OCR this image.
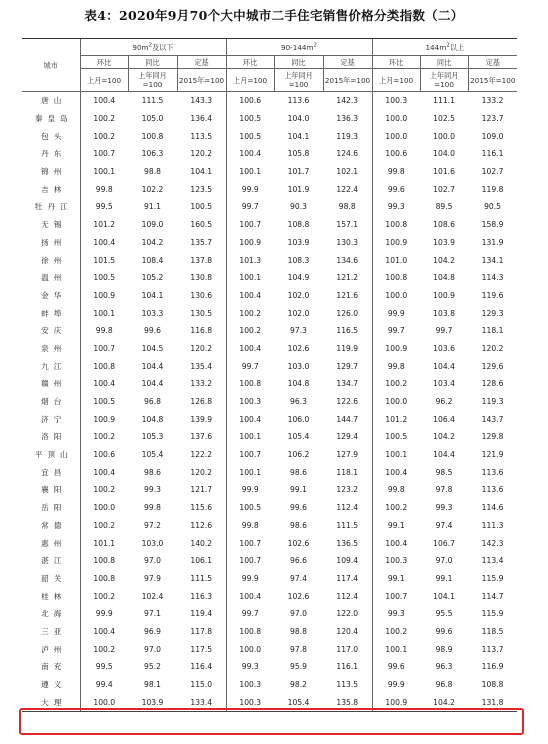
表4：2020年9月70个大中城市二手住宅销售价格分类指数（二）
城市	$90m^2$及以下			$90-144m^2$			$144m^2$以上		
	环比	同比	定基	环比	同比	定基	环比	同比	定基
	上月=100	上年同月=100	2015年=100	上月=100	上年同月=100	2015年=100	上月=100	上年同月=100	2015年=100
唐山	100.4	111.5	143.3	100.6	113.6	142.3	100.3	111.1	133.2
秦皇岛	100.2	105.0	136.4	100.5	104.0	136.3	100.0	102.5	123.7
包头	100.2	100.8	113.5	100.5	104.1	119.3	100.0	100.0	109.0
丹东	100.7	106.3	120.2	100.4	105.8	124.6	100.6	104.0	116.1
锦州	100.1	98.8	104.1	100.1	101.7	102.1	99.8	101.6	102.7
吉林	99.8	102.2	123.5	99.9	101.9	122.4	99.6	102.7	119.8
牡丹江	99.5	91.1	100.5	99.7	90.3	98.8	99.3	89.5	90.5
无锡	101.2	109.0	160.5	100.7	108.8	157.1	100.8	108.6	158.9
扬州	100.4	104.2	135.7	100.9	103.9	130.3	100.9	103.9	131.9
徐州	101.5	108.4	137.8	101.3	108.3	134.6	101.0	104.2	134.1
温州	100.5	105.2	130.8	100.1	104.9	121.2	100.8	104.8	114.3
金华	100.9	104.1	130.6	100.4	102.0	121.6	100.0	100.9	119.6
蚌埠	100.1	103.3	130.5	100.2	102.0	126.0	99.9	103.8	129.3
安庆	99.8	99.6	116.8	100.2	97.3	116.5	99.7	99.7	118.1
泉州	100.7	104.5	120.2	100.4	102.6	119.9	100.9	103.6	120.2
九江	100.8	104.4	135.4	99.7	103.0	129.7	99.8	104.4	129.6
赣州	100.4	104.4	133.2	100.8	104.8	134.7	100.2	103.4	128.6
烟台	100.5	96.8	126.8	100.3	96.3	122.6	100.0	96.2	119.3
济宁	100.9	104.8	139.9	100.4	106.0	144.7	101.2	106.4	143.7
洛阳	100.2	105.3	137.6	100.1	105.4	129.4	100.5	104.2	129.8
平顶山	100.6	105.4	122.2	100.7	106.2	127.9	100.1	104.4	121.9
宜昌	100.4	98.6	120.2	100.1	98.6	118.1	100.4	98.5	113.6
襄阳	100.2	99.3	121.7	99.9	99.1	123.2	99.8	97.8	113.6
岳阳	100.0	99.8	115.6	100.5	99.6	112.4	100.2	99.3	114.6
常德	100.2	97.2	112.6	99.8	98.6	111.5	99.1	97.4	111.3
惠州	101.1	103.0	140.2	100.7	102.6	136.5	100.4	106.7	142.3
湛江	100.8	97.0	106.1	100.7	96.6	109.4	100.3	97.0	113.4
韶关	100.8	97.9	111.5	99.9	97.4	117.4	99.1	99.1	115.9
桂林	100.2	102.4	116.3	100.4	102.6	112.4	100.7	104.1	114.7
北海	99.9	97.1	119.4	99.7	97.0	122.0	99.3	95.5	115.9
三亚	100.4	96.9	117.8	100.8	98.8	120.4	100.2	99.6	118.5
泸州	100.2	97.0	117.5	100.0	97.8	117.0	100.1	98.9	113.7
南充	99.5	95.2	116.4	99.3	95.9	116.1	99.6	96.3	116.9
遵义	99.4	98.1	115.0	100.3	98.2	113.5	99.9	96.8	108.8
大理	100.0	103.9	133.4	100.3	105.4	135.8	100.9	104.2	131.8
